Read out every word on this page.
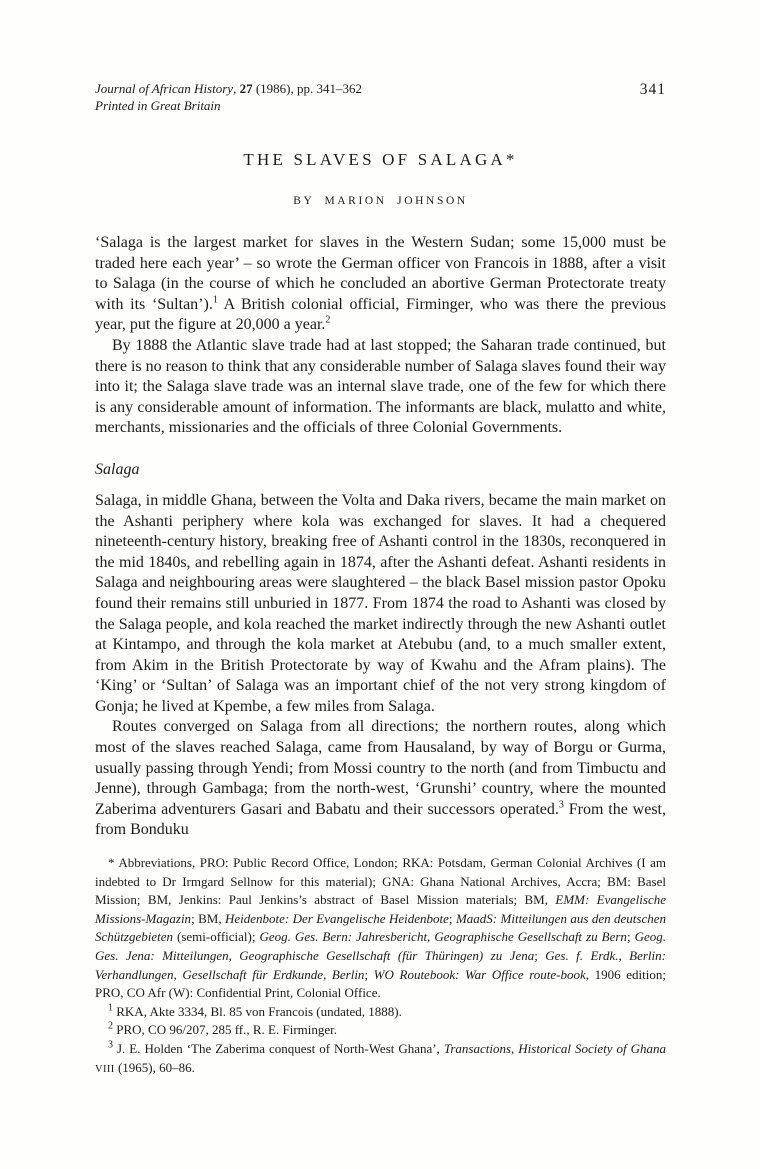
Journal of African History, 27 (1986), pp. 341–362
Printed in Great Britain
341
THE SLAVES OF SALAGA*
BY MARION JOHNSON

‘Salaga is the largest market for slaves in the Western Sudan; some 15,000 must be traded here each year’ – so wrote the German officer von Francois in 1888, after a visit to Salaga (in the course of which he concluded an abortive German Protectorate treaty with its ‘Sultan’).$^1$ A British colonial official, Firminger, who was there the previous year, put the figure at 20,000 a year.$^2$

By 1888 the Atlantic slave trade had at last stopped; the Saharan trade continued, but there is no reason to think that any considerable number of Salaga slaves found their way into it; the Salaga slave trade was an internal slave trade, one of the few for which there is any considerable amount of information. The informants are black, mulatto and white, merchants, missionaries and the officials of three Colonial Governments.

Salaga

Salaga, in middle Ghana, between the Volta and Daka rivers, became the main market on the Ashanti periphery where kola was exchanged for slaves. It had a chequered nineteenth-century history, breaking free of Ashanti control in the 1830s, reconquered in the mid 1840s, and rebelling again in 1874, after the Ashanti defeat. Ashanti residents in Salaga and neighbouring areas were slaughtered – the black Basel mission pastor Opoku found their remains still unburied in 1877. From 1874 the road to Ashanti was closed by the Salaga people, and kola reached the market indirectly through the new Ashanti outlet at Kintampo, and through the kola market at Atebubu (and, to a much smaller extent, from Akim in the British Protectorate by way of Kwahu and the Afram plains). The ‘King’ or ‘Sultan’ of Salaga was an important chief of the not very strong kingdom of Gonja; he lived at Kpembe, a few miles from Salaga.

Routes converged on Salaga from all directions; the northern routes, along which most of the slaves reached Salaga, came from Hausaland, by way of Borgu or Gurma, usually passing through Yendi; from Mossi country to the north (and from Timbuctu and Jenne), through Gambaga; from the north-west, ‘Grunshi’ country, where the mounted Zaberima adventurers Gasari and Babatu and their successors operated.$^3$ From the west, from Bonduku

* Abbreviations, PRO: Public Record Office, London; RKA: Potsdam, German Colonial Archives (I am indebted to Dr Irmgard Sellnow for this material); GNA: Ghana National Archives, Accra; BM: Basel Mission; BM, Jenkins: Paul Jenkins’s abstract of Basel Mission materials; BM, EMM: Evangelische Missions-Magazin; BM, Heidenbote: Der Evangelische Heidenbote; MaadS: Mitteilungen aus den deutschen Schützgebieten (semi-official); Geog. Ges. Bern: Jahresbericht, Geographische Gesellschaft zu Bern; Geog. Ges. Jena: Mitteilungen, Geographische Gesellschaft (für Thüringen) zu Jena; Ges. f. Erdk., Berlin: Verhandlungen, Gesellschaft für Erdkunde, Berlin; WO Routebook: War Office route-book, 1906 edition; PRO, CO Afr (W): Confidential Print, Colonial Office.

$^1$ RKA, Akte 3334, Bl. 85 von Francois (undated, 1888).

$^2$ PRO, CO 96/207, 285 ff., R. E. Firminger.

$^3$ J. E. Holden ‘The Zaberima conquest of North-West Ghana’, Transactions, Historical Society of Ghana VIII (1965), 60–86.
